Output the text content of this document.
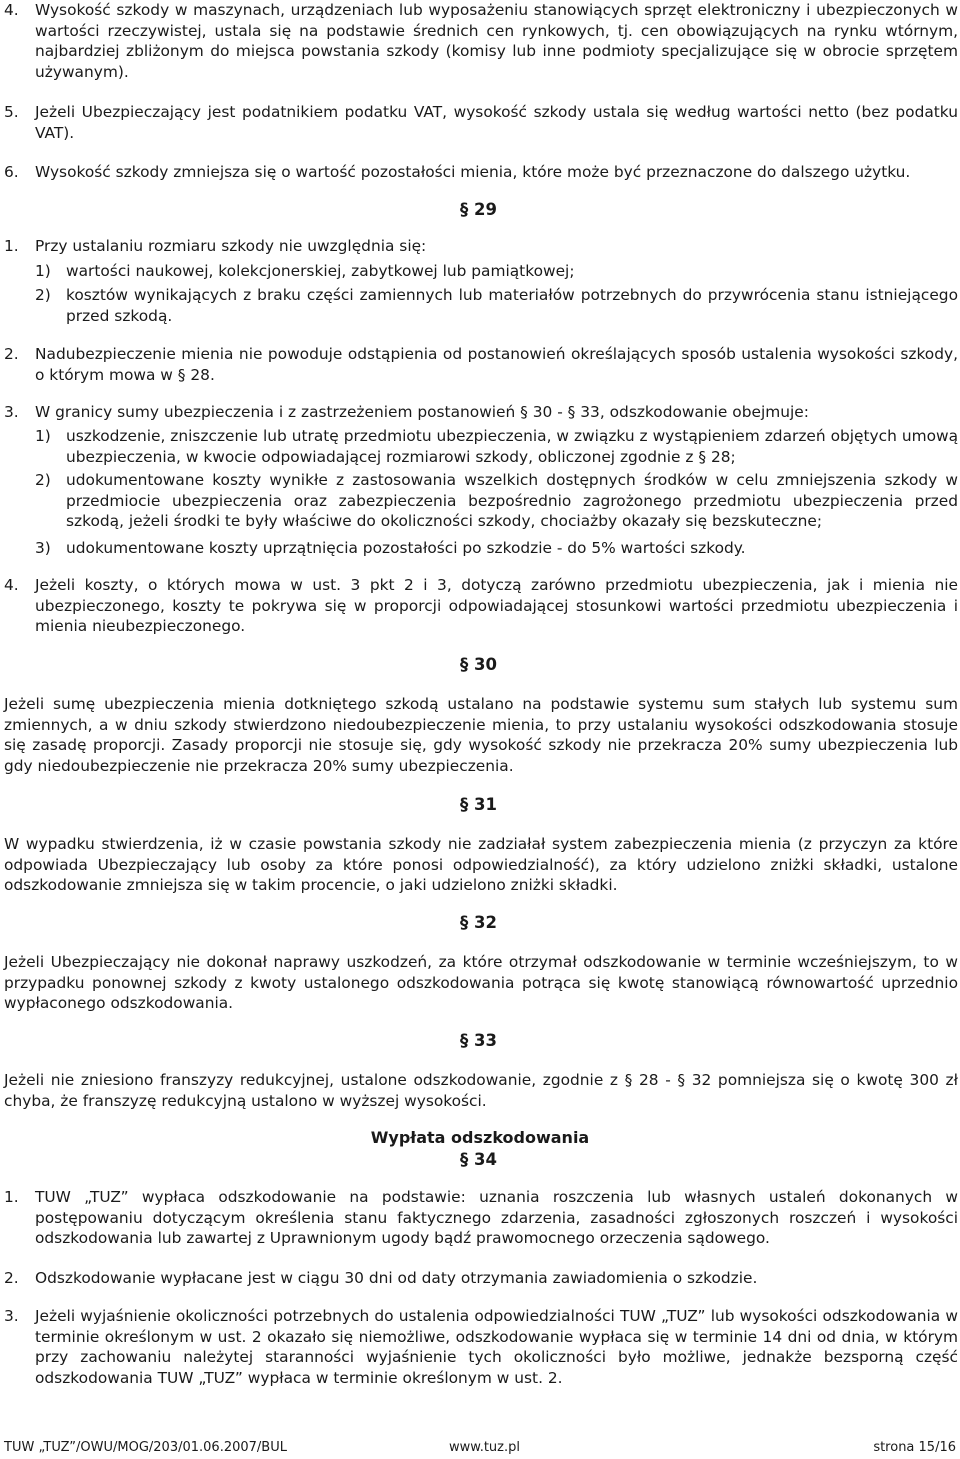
4. Wysokość szkody w maszynach, urządzeniach lub wyposażeniu stanowiących sprzęt elektroniczny i ubezpieczonych w wartości rzeczywistej, ustala się na podstawie średnich cen rynkowych, tj. cen obowiązujących na rynku wtórnym, najbardziej zbliżonym do miejsca powstania szkody (komisy lub inne podmioty specjalizujące się w obrocie sprzętem używanym).
5. Jeżeli Ubezpieczający jest podatnikiem podatku VAT, wysokość szkody ustala się według wartości netto (bez podatku VAT).
6. Wysokość szkody zmniejsza się o wartość pozostałości mienia, które może być przeznaczone do dalszego użytku.
§ 29
1. Przy ustalaniu rozmiaru szkody nie uwzględnia się:
1) wartości naukowej, kolekcjonerskiej, zabytkowej lub pamiątkowej;
2) kosztów wynikających z braku części zamiennych lub materiałów potrzebnych do przywrócenia stanu istniejącego przed szkodą.
2. Nadubezpieczenie mienia nie powoduje odstąpienia od postanowień określających sposób ustalenia wysokości szkody, o którym mowa w § 28.
3. W granicy sumy ubezpieczenia i z zastrzeżeniem postanowień § 30 - § 33, odszkodowanie obejmuje:
1) uszkodzenie, zniszczenie lub utratę przedmiotu ubezpieczenia, w związku z wystąpieniem zdarzeń objętych umową ubezpieczenia, w kwocie odpowiadającej rozmiarowi szkody, obliczonej zgodnie z § 28;
2) udokumentowane koszty wynikłe z zastosowania wszelkich dostępnych środków w celu zmniejszenia szkody w przedmiocie ubezpieczenia oraz zabezpieczenia bezpośrednio zagrożonego przedmiotu ubezpieczenia przed szkodą, jeżeli środki te były właściwe do okoliczności szkody, chociażby okazały się bezskuteczne;
3) udokumentowane koszty uprzątnięcia pozostałości po szkodzie - do 5% wartości szkody.
4. Jeżeli koszty, o których mowa w ust. 3 pkt 2 i 3, dotyczą zarówno przedmiotu ubezpieczenia, jak i mienia nie ubezpieczonego, koszty te pokrywa się w proporcji odpowiadającej stosunkowi wartości przedmiotu ubezpieczenia i mienia nieubezpieczonego.
§ 30
Jeżeli sumę ubezpieczenia mienia dotkniętego szkodą ustalano na podstawie systemu sum stałych lub systemu sum zmiennych, a w dniu szkody stwierdzono niedoubezpieczenie mienia, to przy ustalaniu wysokości odszkodowania stosuje się zasadę proporcji. Zasady proporcji nie stosuje się, gdy wysokość szkody nie przekracza 20% sumy ubezpieczenia lub gdy niedoubezpieczenie nie przekracza 20% sumy ubezpieczenia.
§ 31
W wypadku stwierdzenia, iż w czasie powstania szkody nie zadziałał system zabezpieczenia mienia (z przyczyn za które odpowiada Ubezpieczający lub osoby za które ponosi odpowiedzialność), za który udzielono zniżki składki, ustalone odszkodowanie zmniejsza się w takim procencie, o jaki udzielono zniżki składki.
§ 32
Jeżeli Ubezpieczający nie dokonał naprawy uszkodzeń, za które otrzymał odszkodowanie w terminie wcześniejszym, to w przypadku ponownej szkody z kwoty ustalonego odszkodowania potrąca się kwotę stanowiącą równowartość uprzednio wypłaconego odszkodowania.
§ 33
Jeżeli nie zniesiono franszyzy redukcyjnej, ustalone odszkodowanie, zgodnie z § 28 - § 32 pomniejsza się o kwotę 300 zł chyba, że franszyzę redukcyjną ustalono w wyższej wysokości.
Wypłata odszkodowania
§ 34
1. TUW „TUZ” wypłaca odszkodowanie na podstawie: uznania roszczenia lub własnych ustaleń dokonanych w postępowaniu dotyczącym określenia stanu faktycznego zdarzenia, zasadności zgłoszonych roszczeń i wysokości odszkodowania lub zawartej z Uprawnionym ugody bądź prawomocnego orzeczenia sądowego.
2. Odszkodowanie wypłacane jest w ciągu 30 dni od daty otrzymania zawiadomienia o szkodzie.
3. Jeżeli wyjaśnienie okoliczności potrzebnych do ustalenia odpowiedzialności TUW „TUZ” lub wysokości odszkodowania w terminie określonym w ust. 2 okazało się niemożliwe, odszkodowanie wypłaca się w terminie 14 dni od dnia, w którym przy zachowaniu należytej staranności wyjaśnienie tych okoliczności było możliwe, jednakże bezsporną część odszkodowania TUW „TUZ” wypłaca w terminie określonym w ust. 2.
TUW „TUZ”/OWU/MOG/203/01.06.2007/BUL	www.tuz.pl	strona 15/16
